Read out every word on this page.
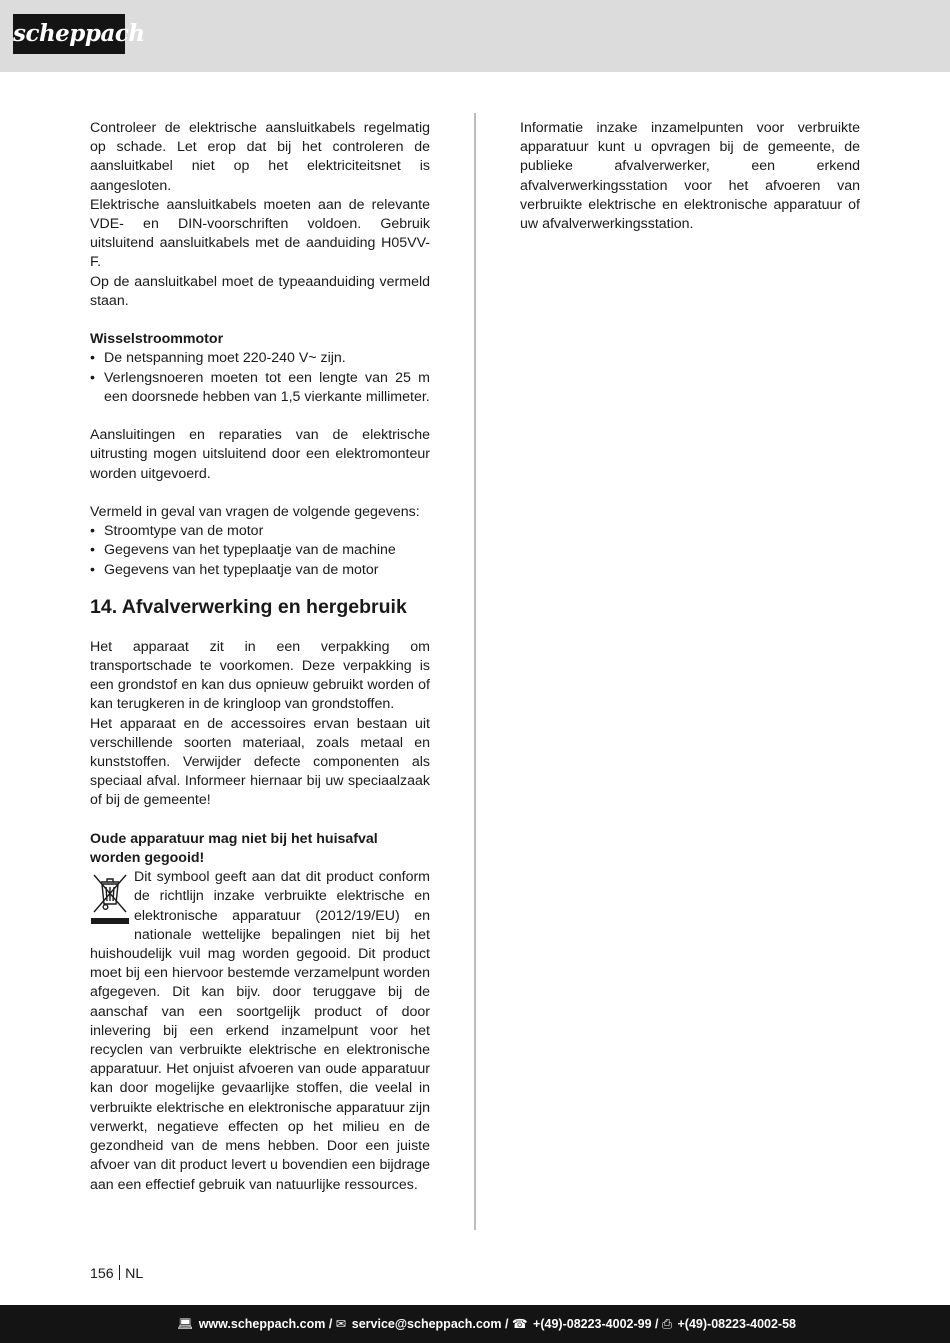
scheppach

Controleer de elektrische aansluitkabels regelmatig op schade. Let erop dat bij het controleren de aansluitkabel niet op het elektriciteitsnet is aangesloten.

Elektrische aansluitkabels moeten aan de relevante VDE- en DIN-voorschriften voldoen. Gebruik uitsluitend aansluitkabels met de aanduiding H05VV-F.

Op de aansluitkabel moet de typeaanduiding vermeld staan.

Wisselstroommotor

• De netspanning moet 220-240 V~ zijn.
• Verlengsnoeren moeten tot een lengte van 25 m een doorsnede hebben van 1,5 vierkante millimeter.

Aansluitingen en reparaties van de elektrische uitrusting mogen uitsluitend door een elektromonteur worden uitgevoerd.

Vermeld in geval van vragen de volgende gegevens:

• Stroomtype van de motor
• Gegevens van het typeplaatje van de machine
• Gegevens van het typeplaatje van de motor
14. Afvalverwerking en hergebruik

Het apparaat zit in een verpakking om transportschade te voorkomen. Deze verpakking is een grondstof en kan dus opnieuw gebruikt worden of kan terugkeren in de kringloop van grondstoffen.

Het apparaat en de accessoires ervan bestaan uit verschillende soorten materiaal, zoals metaal en kunststoffen. Verwijder defecte componenten als speciaal afval. Informeer hiernaar bij uw speciaalzaak of bij de gemeente!

Oude apparatuur mag niet bij het huisafval worden gegooid!

Dit symbool geeft aan dat dit product conform de richtlijn inzake verbruikte elektrische en elektronische apparatuur (2012/19/EU) en nationale wettelijke bepalingen niet bij het huishoudelijk vuil mag worden gegooid. Dit product moet bij een hiervoor bestemde verzamelpunt worden afgegeven. Dit kan bijv. door teruggave bij de aanschaf van een soortgelijk product of door inlevering bij een erkend inzamelpunt voor het recyclen van verbruikte elektrische en elektronische apparatuur. Het onjuist afvoeren van oude apparatuur kan door mogelijke gevaarlijke stoffen, die veelal in verbruikte elektrische en elektronische apparatuur zijn verwerkt, negatieve effecten op het milieu en de gezondheid van de mens hebben. Door een juiste afvoer van dit product levert u bovendien een bijdrage aan een effectief gebruik van natuurlijke ressources.

Informatie inzake inzamelpunten voor verbruikte apparatuur kunt u opvragen bij de gemeente, de publieke afvalverwerker, een erkend afvalverwerkingsstation voor het afvoeren van verbruikte elektrische en elektronische apparatuur of uw afvalverwerkingsstation.

156 NL
💻︎ www.scheppach.com / ✉︎ service@scheppach.com / ☎︎ +(49)-08223-4002-99 / ⎙ +(49)-08223-4002-58
